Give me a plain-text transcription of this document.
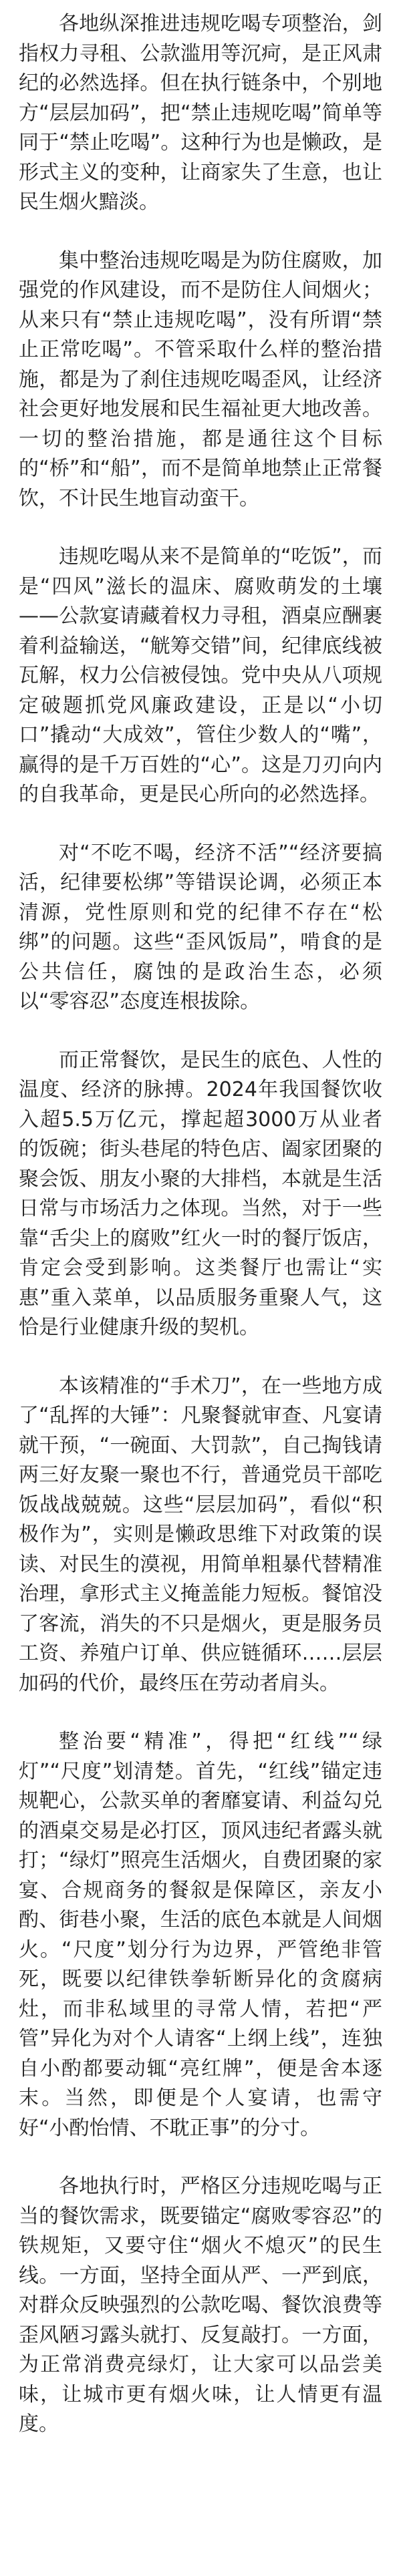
各地纵深推进违规吃喝专项整治，剑指权力寻租、公款滥用等沉疴，是正风肃纪的必然选择。但在执行链条中，个别地方“层层加码”，把“禁止违规吃喝”简单等同于“禁止吃喝”。这种行为也是懒政，是形式主义的变种，让商家失了生意，也让民生烟火黯淡。

集中整治违规吃喝是为防住腐败，加强党的作风建设，而不是防住人间烟火；从来只有“禁止违规吃喝”，没有所谓“禁止正常吃喝”。不管采取什么样的整治措施，都是为了刹住违规吃喝歪风，让经济社会更好地发展和民生福祉更大地改善。一切的整治措施，都是通往这个目标的“桥”和“船”，而不是简单地禁止正常餐饮，不计民生地盲动蛮干。

违规吃喝从来不是简单的“吃饭”，而是“四风”滋长的温床、腐败萌发的土壤——公款宴请藏着权力寻租，酒桌应酬裹着利益输送，“觥筹交错”间，纪律底线被瓦解，权力公信被侵蚀。党中央从八项规定破题抓党风廉政建设，正是以“小切口”撬动“大成效”，管住少数人的“嘴”，赢得的是千万百姓的“心”。这是刀刃向内的自我革命，更是民心所向的必然选择。

对“不吃不喝，经济不活”“经济要搞活，纪律要松绑”等错误论调，必须正本清源，党性原则和党的纪律不存在“松绑”的问题。这些“歪风饭局”，啃食的是公共信任，腐蚀的是政治生态，必须以“零容忍”态度连根拔除。

而正常餐饮，是民生的底色、人性的温度、经济的脉搏。2024年我国餐饮收入超5.5万亿元，撑起超3000万从业者的饭碗；街头巷尾的特色店、阖家团聚的聚会饭、朋友小聚的大排档，本就是生活日常与市场活力之体现。当然，对于一些靠“舌尖上的腐败”红火一时的餐厅饭店，肯定会受到影响。这类餐厅也需让“实惠”重入菜单，以品质服务重聚人气，这恰是行业健康升级的契机。

本该精准的“手术刀”，在一些地方成了“乱挥的大锤”：凡聚餐就审查、凡宴请就干预，“一碗面、大罚款”，自己掏钱请两三好友聚一聚也不行，普通党员干部吃饭战战兢兢。这些“层层加码”，看似“积极作为”，实则是懒政思维下对政策的误读、对民生的漠视，用简单粗暴代替精准治理，拿形式主义掩盖能力短板。餐馆没了客流，消失的不只是烟火，更是服务员工资、养殖户订单、供应链循环……层层加码的代价，最终压在劳动者肩头。

整治要“精准”，得把“红线”“绿灯”“尺度”划清楚。首先，“红线”锚定违规靶心，公款买单的奢靡宴请、利益勾兑的酒桌交易是必打区，顶风违纪者露头就打；“绿灯”照亮生活烟火，自费团聚的家宴、合规商务的餐叙是保障区，亲友小酌、街巷小聚，生活的底色本就是人间烟火。“尺度”划分行为边界，严管绝非管死，既要以纪律铁拳斩断异化的贪腐病灶，而非私域里的寻常人情，若把“严管”异化为对个人请客“上纲上线”，连独自小酌都要动辄“亮红牌”，便是舍本逐末。当然，即便是个人宴请，也需守好“小酌怡情、不耽正事”的分寸。

各地执行时，严格区分违规吃喝与正当的餐饮需求，既要锚定“腐败零容忍”的铁规矩，又要守住“烟火不熄灭”的民生线。一方面，坚持全面从严、一严到底，对群众反映强烈的公款吃喝、餐饮浪费等歪风陋习露头就打、反复敲打。一方面，为正常消费亮绿灯，让大家可以品尝美味，让城市更有烟火味，让人情更有温度。
